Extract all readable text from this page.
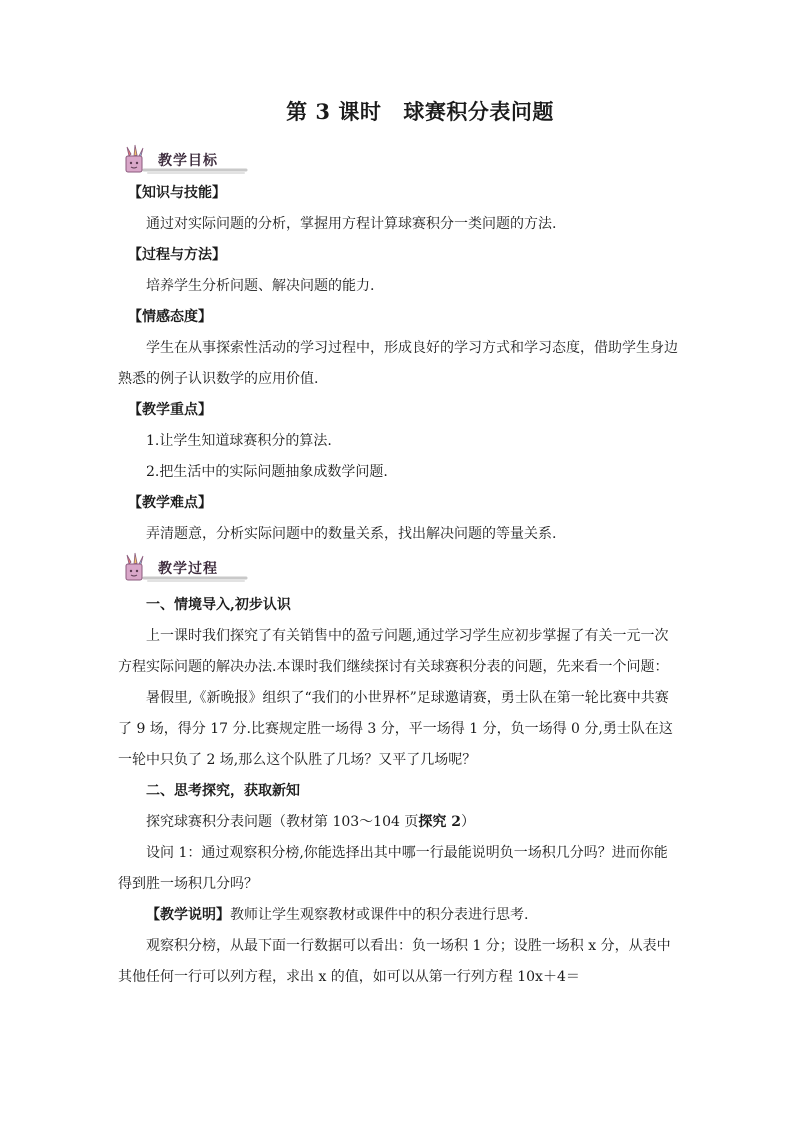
第 3 课时 球赛积分表问题
教学目标

【知识与技能】

通过对实际问题的分析，掌握用方程计算球赛积分一类问题的方法.

【过程与方法】

培养学生分析问题、解决问题的能力.

【情感态度】

学生在从事探索性活动的学习过程中，形成良好的学习方式和学习态度，借助学生身边熟悉的例子认识数学的应用价值.

【教学重点】

1.让学生知道球赛积分的算法.

2.把生活中的实际问题抽象成数学问题.

【教学难点】

弄清题意，分析实际问题中的数量关系，找出解决问题的等量关系.

教学过程

一、情境导入,初步认识

上一课时我们探究了有关销售中的盈亏问题,通过学习学生应初步掌握了有关一元一次方程实际问题的解决办法.本课时我们继续探讨有关球赛积分表的问题，先来看一个问题：

暑假里,《新晚报》组织了“我们的小世界杯”足球邀请赛，勇士队在第一轮比赛中共赛了 9 场，得分 17 分.比赛规定胜一场得 3 分，平一场得 1 分，负一场得 0 分,勇士队在这一轮中只负了 2 场,那么这个队胜了几场？又平了几场呢？

二、思考探究，获取新知

探究球赛积分表问题（教材第 103～104 页探究 2）

设问 1：通过观察积分榜,你能选择出其中哪一行最能说明负一场积几分吗？进而你能得到胜一场积几分吗？

【教学说明】教师让学生观察教材或课件中的积分表进行思考.

观察积分榜，从最下面一行数据可以看出：负一场积 1 分；设胜一场积 x 分，从表中其他任何一行可以列方程，求出 x 的值，如可以从第一行列方程 10x＋4＝
